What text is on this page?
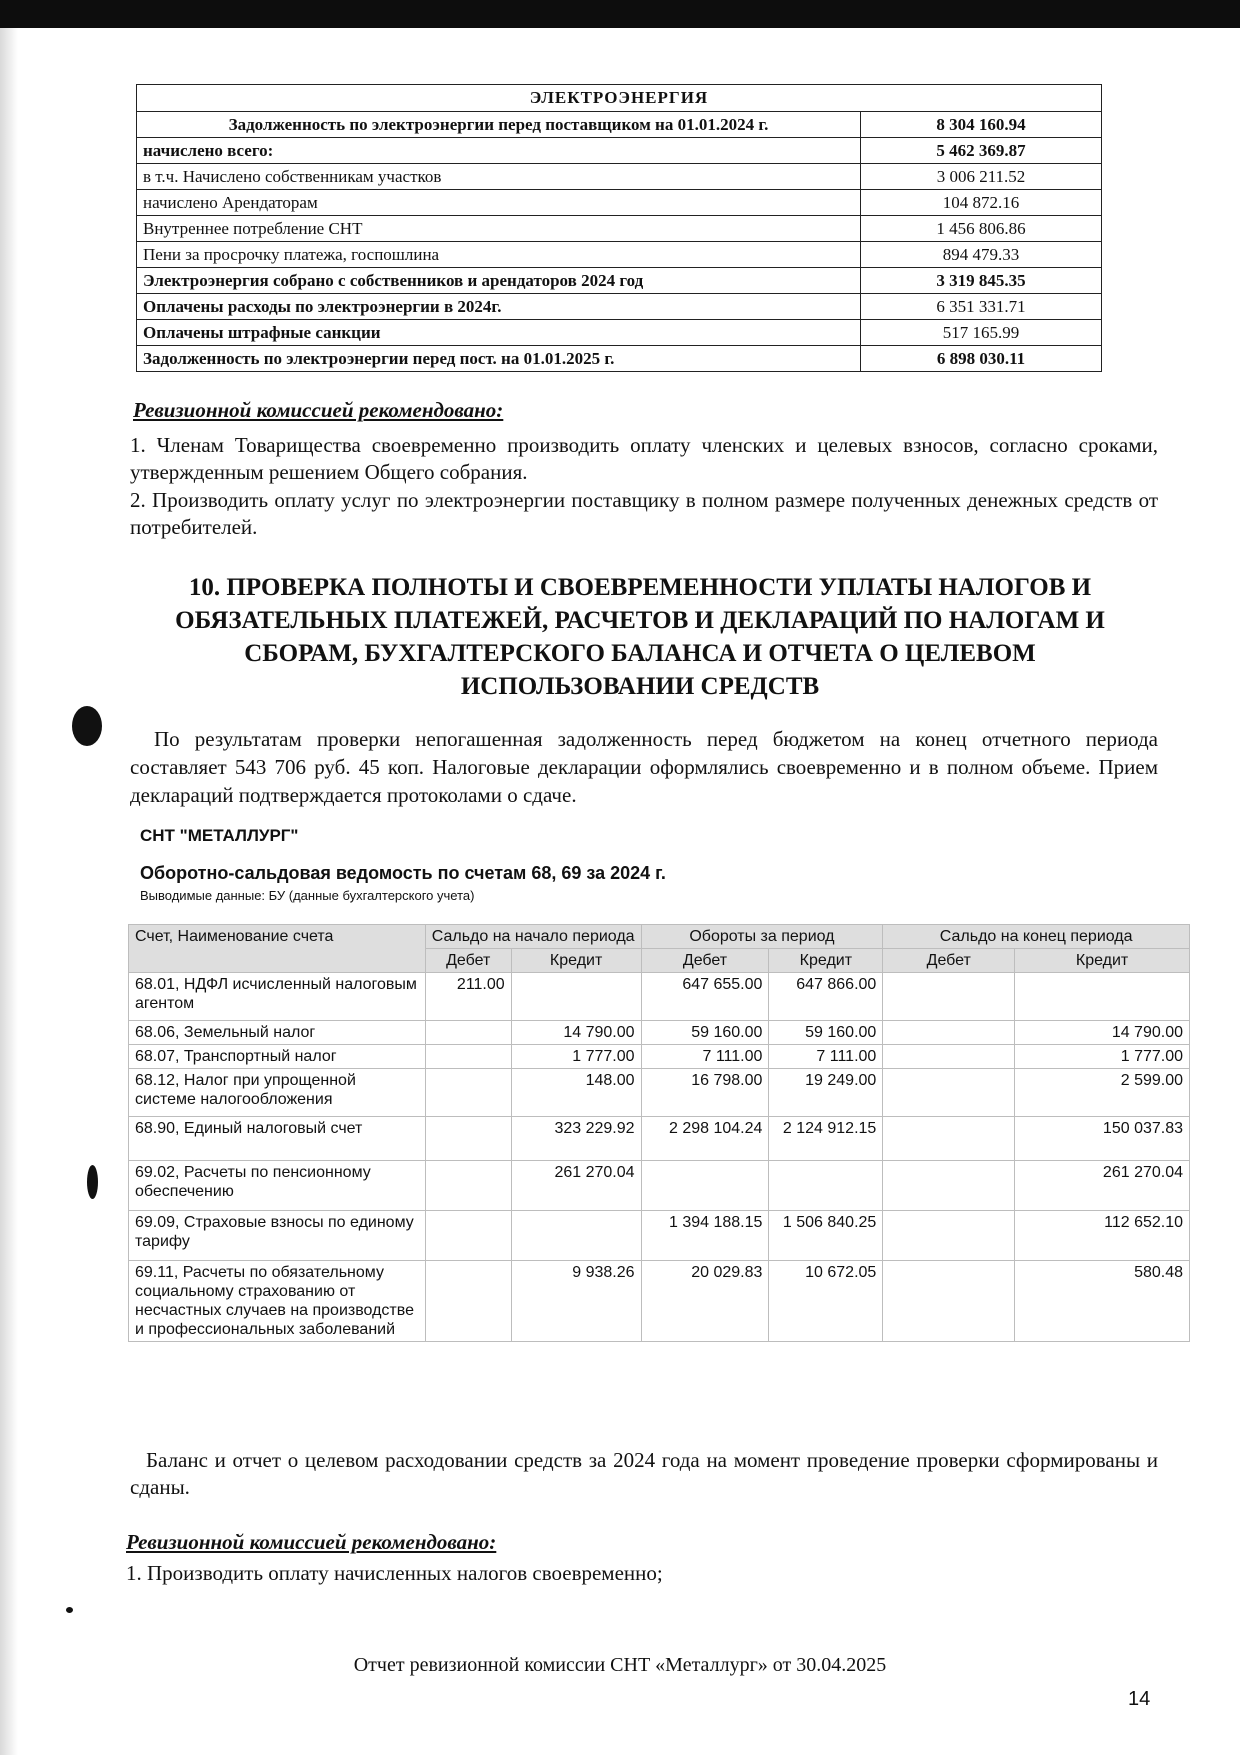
ЭЛЕКТРОЭНЕРГИЯ	
Задолженность по электроэнергии перед поставщиком на 01.01.2024 г.	8 304 160.94
начислено всего:	5 462 369.87
в т.ч. Начислено собственникам участков	3 006 211.52
начислено Арендаторам	104 872.16
Внутреннее потребление СНТ	1 456 806.86
Пени за просрочку платежа, госпошлина	894 479.33
Электроэнергия собрано с собственников и арендаторов 2024 год	3 319 845.35
Оплачены расходы по электроэнергии в 2024г.	6 351 331.71
Оплачены штрафные санкции	517 165.99
Задолженность по электроэнергии перед пост. на 01.01.2025 г.	6 898 030.11
Ревизионной комиссией рекомендовано:
1. Членам Товарищества своевременно производить оплату членских и целевых взносов, согласно сроками, утвержденным решением Общего собрания.
2. Производить оплату услуг по электроэнергии поставщику в полном размере полученных денежных средств от потребителей.
10. ПРОВЕРКА ПОЛНОТЫ И СВОЕВРЕМЕННОСТИ УПЛАТЫ НАЛОГОВ И ОБЯЗАТЕЛЬНЫХ ПЛАТЕЖЕЙ, РАСЧЕТОВ И ДЕКЛАРАЦИЙ ПО НАЛОГАМ И СБОРАМ, БУХГАЛТЕРСКОГО БАЛАНСА И ОТЧЕТА О ЦЕЛЕВОМ ИСПОЛЬЗОВАНИИ СРЕДСТВ
По результатам проверки непогашенная задолженность перед бюджетом на конец отчетного периода составляет 543 706 руб. 45 коп. Налоговые декларации оформлялись своевременно и в полном объеме. Прием деклараций подтверждается протоколами о сдаче.
СНТ "МЕТАЛЛУРГ"
Оборотно-сальдовая ведомость по счетам 68, 69 за 2024 г.
Выводимые данные: БУ (данные бухгалтерского учета)
Счет, Наименование счета	Сальдо на начало периода		Обороты за период		Сальдо на конец периода	
	Дебет	Кредит	Дебет	Кредит	Дебет	Кредит
68.01, НДФЛ исчисленный налоговым агентом	211.00		647 655.00	647 866.00		
68.06, Земельный налог		14 790.00	59 160.00	59 160.00		14 790.00
68.07, Транспортный налог		1 777.00	7 111.00	7 111.00		1 777.00
68.12, Налог при упрощенной системе налогообложения		148.00	16 798.00	19 249.00		2 599.00
68.90, Единый налоговый счет		323 229.92	2 298 104.24	2 124 912.15		150 037.83
69.02, Расчеты по пенсионному обеспечению		261 270.04				261 270.04
69.09, Страховые взносы по единому тарифу			1 394 188.15	1 506 840.25		112 652.10
69.11, Расчеты по обязательному социальному страхованию от несчастных случаев на производстве и профессиональных заболеваний		9 938.26	20 029.83	10 672.05		580.48
Баланс и отчет о целевом расходовании средств за 2024 года на момент проведение проверки сформированы и сданы.
Ревизионной комиссией рекомендовано:
1. Производить оплату начисленных налогов своевременно;
Отчет ревизионной комиссии СНТ «Металлург» от 30.04.2025
14
